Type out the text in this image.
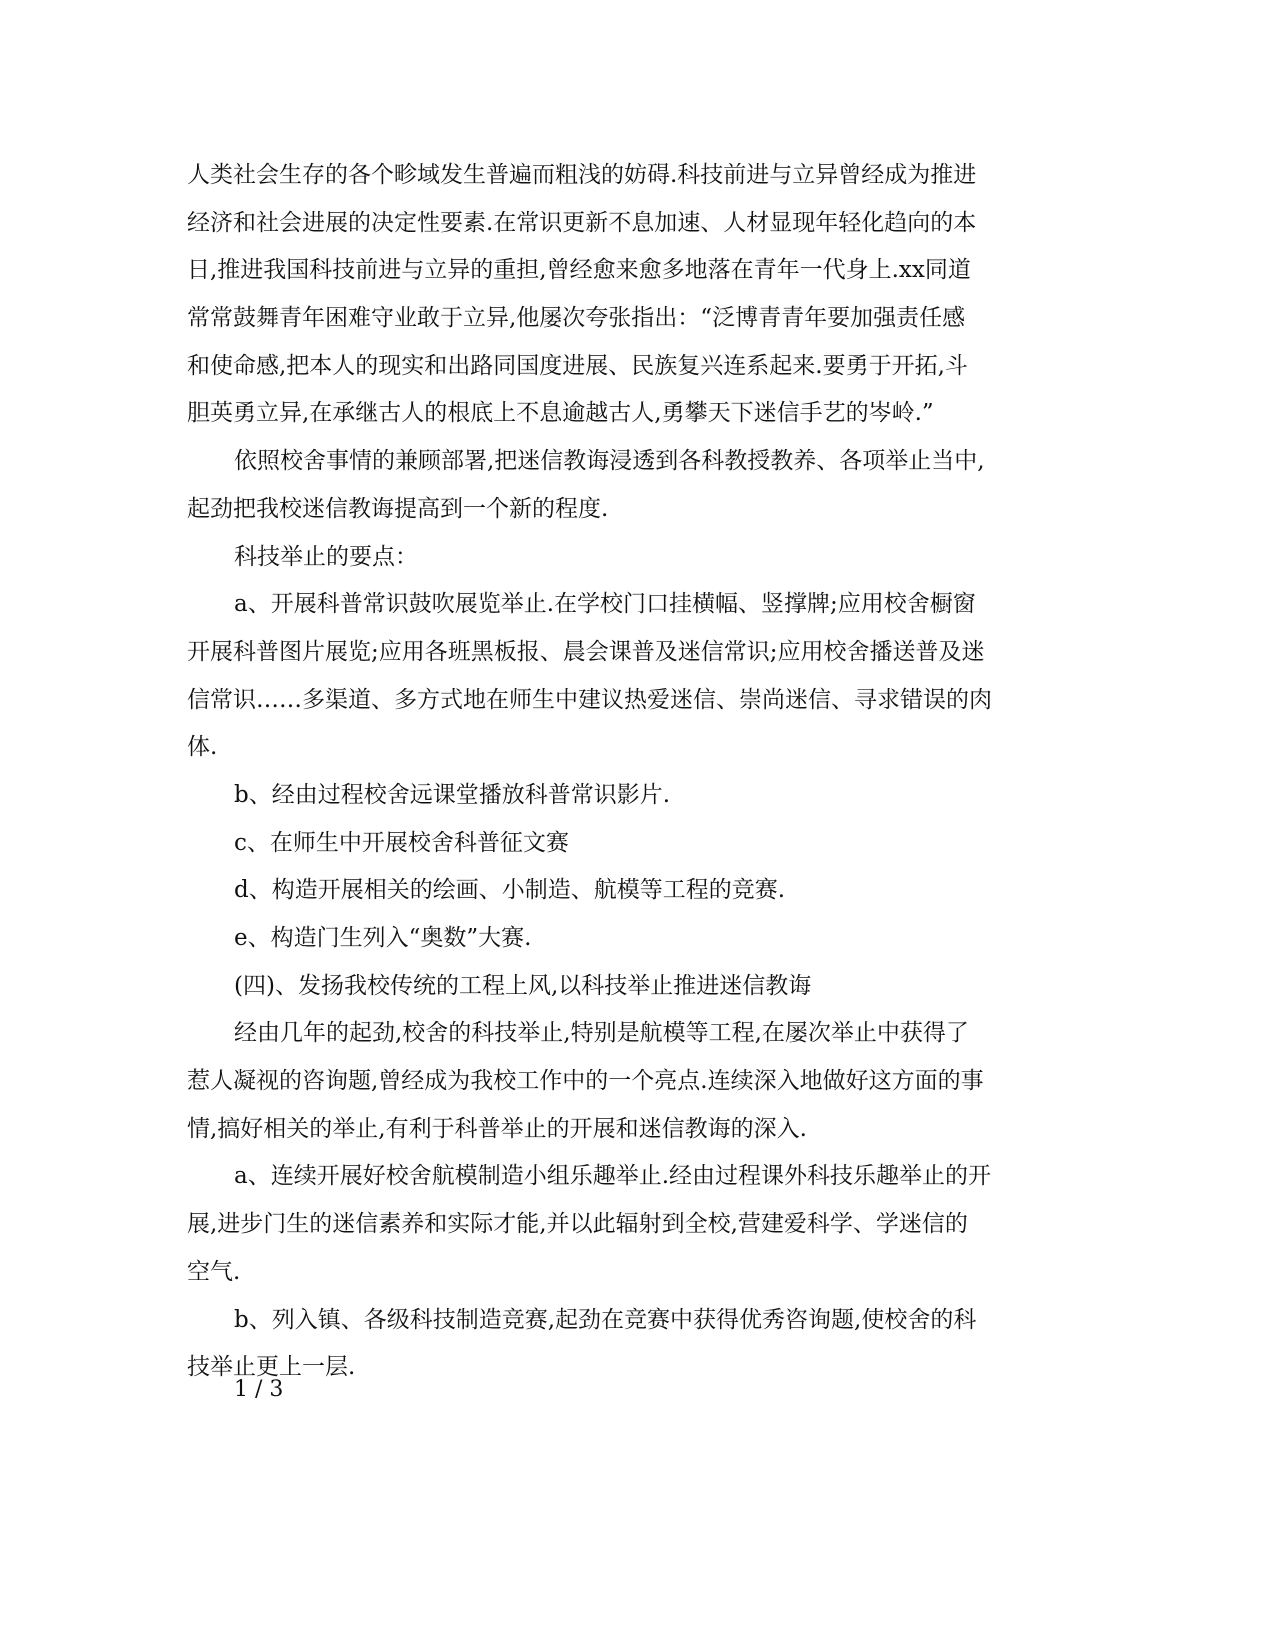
人类社会生存的各个畛域发生普遍而粗浅的妨碍.科技前进与立异曾经成为推进
经济和社会进展的决定性要素.在常识更新不息加速、人材显现年轻化趋向的本
日,推进我国科技前进与立异的重担,曾经愈来愈多地落在青年一代身上.xx同道
常常鼓舞青年困难守业敢于立异,他屡次夸张指出：“泛博青青年要加强责任感
和使命感,把本人的现实和出路同国度进展、民族复兴连系起来.要勇于开拓,斗
胆英勇立异,在承继古人的根底上不息逾越古人,勇攀天下迷信手艺的岑岭.”
依照校舍事情的兼顾部署,把迷信教诲浸透到各科教授教养、各项举止当中,
起劲把我校迷信教诲提高到一个新的程度.
科技举止的要点：
a、开展科普常识鼓吹展览举止.在学校门口挂横幅、竖撑牌;应用校舍橱窗
开展科普图片展览;应用各班黑板报、晨会课普及迷信常识;应用校舍播送普及迷
信常识……多渠道、多方式地在师生中建议热爱迷信、崇尚迷信、寻求错误的肉
体.
b、经由过程校舍远课堂播放科普常识影片.
c、在师生中开展校舍科普征文赛
d、构造开展相关的绘画、小制造、航模等工程的竞赛.
e、构造门生列入“奥数”大赛.
(四)、发扬我校传统的工程上风,以科技举止推进迷信教诲
经由几年的起劲,校舍的科技举止,特别是航模等工程,在屡次举止中获得了
惹人凝视的咨询题,曾经成为我校工作中的一个亮点.连续深入地做好这方面的事
情,搞好相关的举止,有利于科普举止的开展和迷信教诲的深入.
a、连续开展好校舍航模制造小组乐趣举止.经由过程课外科技乐趣举止的开
展,进步门生的迷信素养和实际才能,并以此辐射到全校,营建爱科学、学迷信的
空气.
b、列入镇、各级科技制造竞赛,起劲在竞赛中获得优秀咨询题,使校舍的科
技举止更上一层.
1 / 3
